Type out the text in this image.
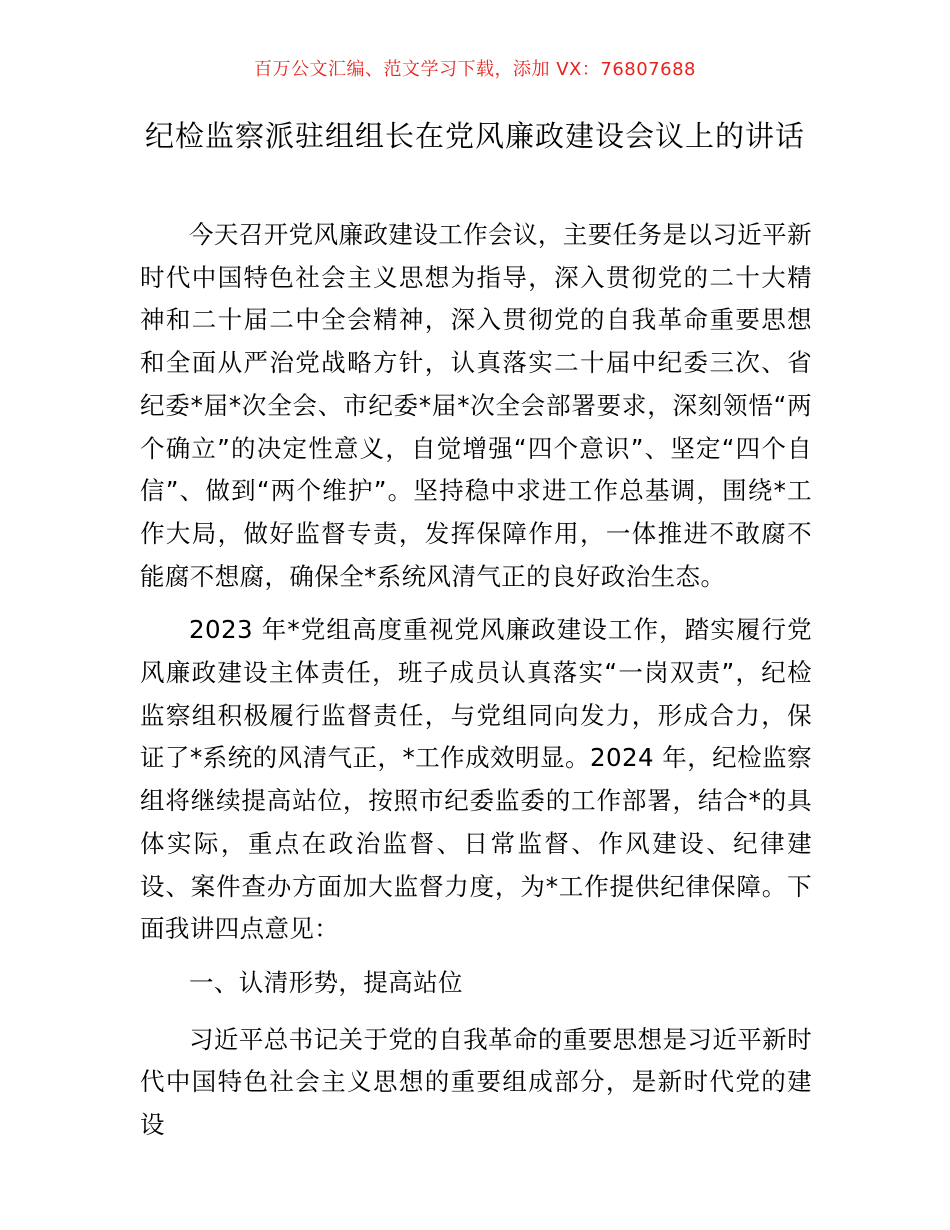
百万公文汇编、范文学习下载，添加 VX：76807688
纪检监察派驻组组长在党风廉政建设会议上的讲话

今天召开党风廉政建设工作会议，主要任务是以习近平新时代中国特色社会主义思想为指导，深入贯彻党的二十大精神和二十届二中全会精神，深入贯彻党的自我革命重要思想和全面从严治党战略方针，认真落实二十届中纪委三次、省纪委*届*次全会、市纪委*届*次全会部署要求，深刻领悟“两个确立”的决定性意义，自觉增强“四个意识”、坚定“四个自信”、做到“两个维护”。坚持稳中求进工作总基调，围绕*工作大局，做好监督专责，发挥保障作用，一体推进不敢腐不能腐不想腐，确保全*系统风清气正的良好政治生态。

2023 年*党组高度重视党风廉政建设工作，踏实履行党风廉政建设主体责任，班子成员认真落实“一岗双责”，纪检监察组积极履行监督责任，与党组同向发力，形成合力，保证了*系统的风清气正，*工作成效明显。2024 年，纪检监察组将继续提高站位，按照市纪委监委的工作部署，结合*的具体实际，重点在政治监督、日常监督、作风建设、纪律建设、案件查办方面加大监督力度，为*工作提供纪律保障。下面我讲四点意见：

一、认清形势，提高站位

习近平总书记关于党的自我革命的重要思想是习近平新时代中国特色社会主义思想的重要组成部分，是新时代党的建设
